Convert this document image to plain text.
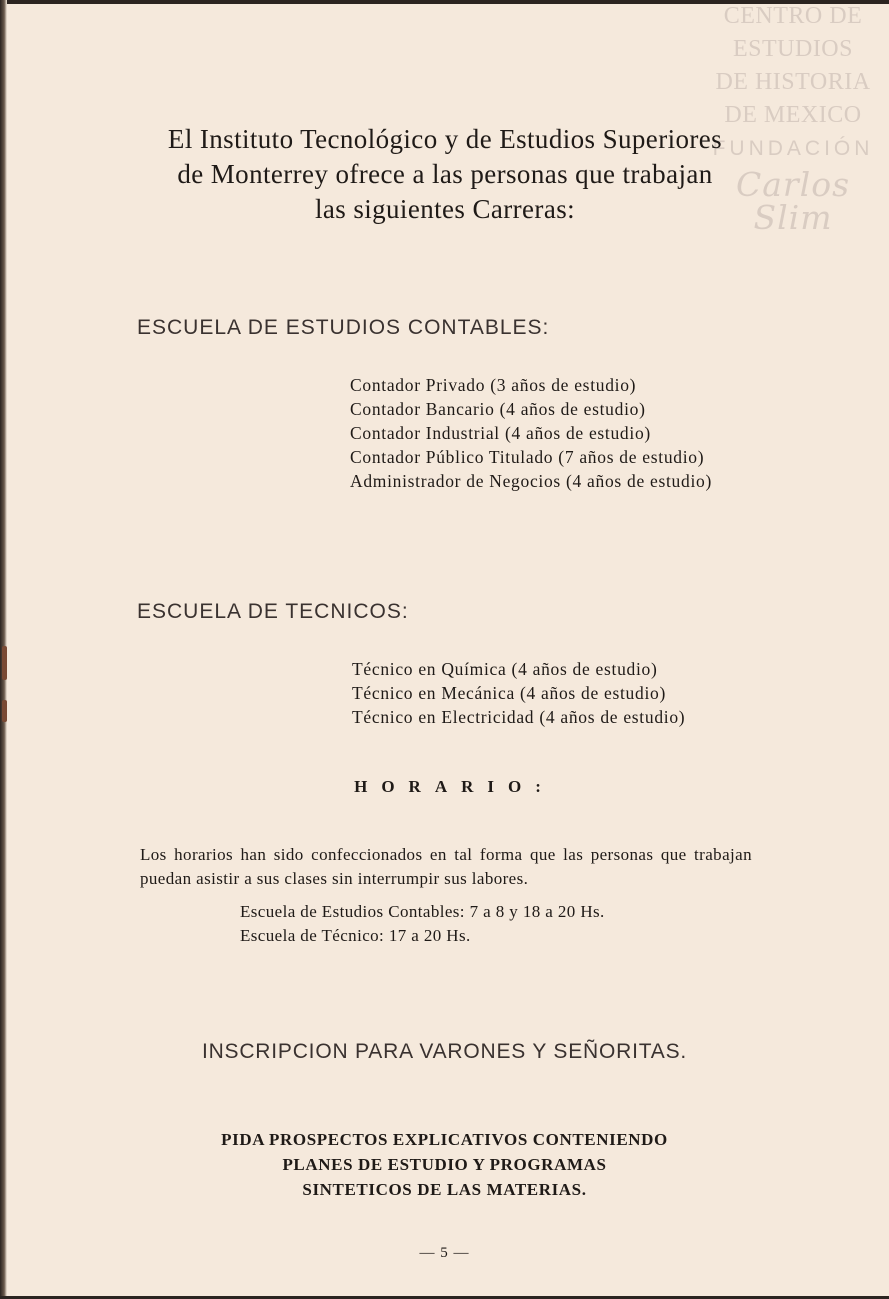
CENTRO DE
ESTUDIOS
DE HISTORIA
DE MEXICO
FUNDACIÓN
Carlos Slim
El Instituto Tecnológico y de Estudios Superiores
de Monterrey ofrece a las personas que trabajan
las siguientes Carreras:
ESCUELA DE ESTUDIOS CONTABLES:
Contador Privado (3 años de estudio)
Contador Bancario (4 años de estudio)
Contador Industrial (4 años de estudio)
Contador Público Titulado (7 años de estudio)
Administrador de Negocios (4 años de estudio)
ESCUELA DE TECNICOS:
Técnico en Química (4 años de estudio)
Técnico en Mecánica (4 años de estudio)
Técnico en Electricidad (4 años de estudio)
HORARIO:
Los horarios han sido confeccionados en tal forma que las personas que trabajan puedan asistir a sus clases sin interrumpir sus labores.
Escuela de Estudios Contables: 7 a 8 y 18 a 20 Hs.
Escuela de Técnico: 17 a 20 Hs.
INSCRIPCION PARA VARONES Y SEÑORITAS.
PIDA PROSPECTOS EXPLICATIVOS CONTENIENDO
PLANES DE ESTUDIO Y PROGRAMAS
SINTETICOS DE LAS MATERIAS.
— 5 —
